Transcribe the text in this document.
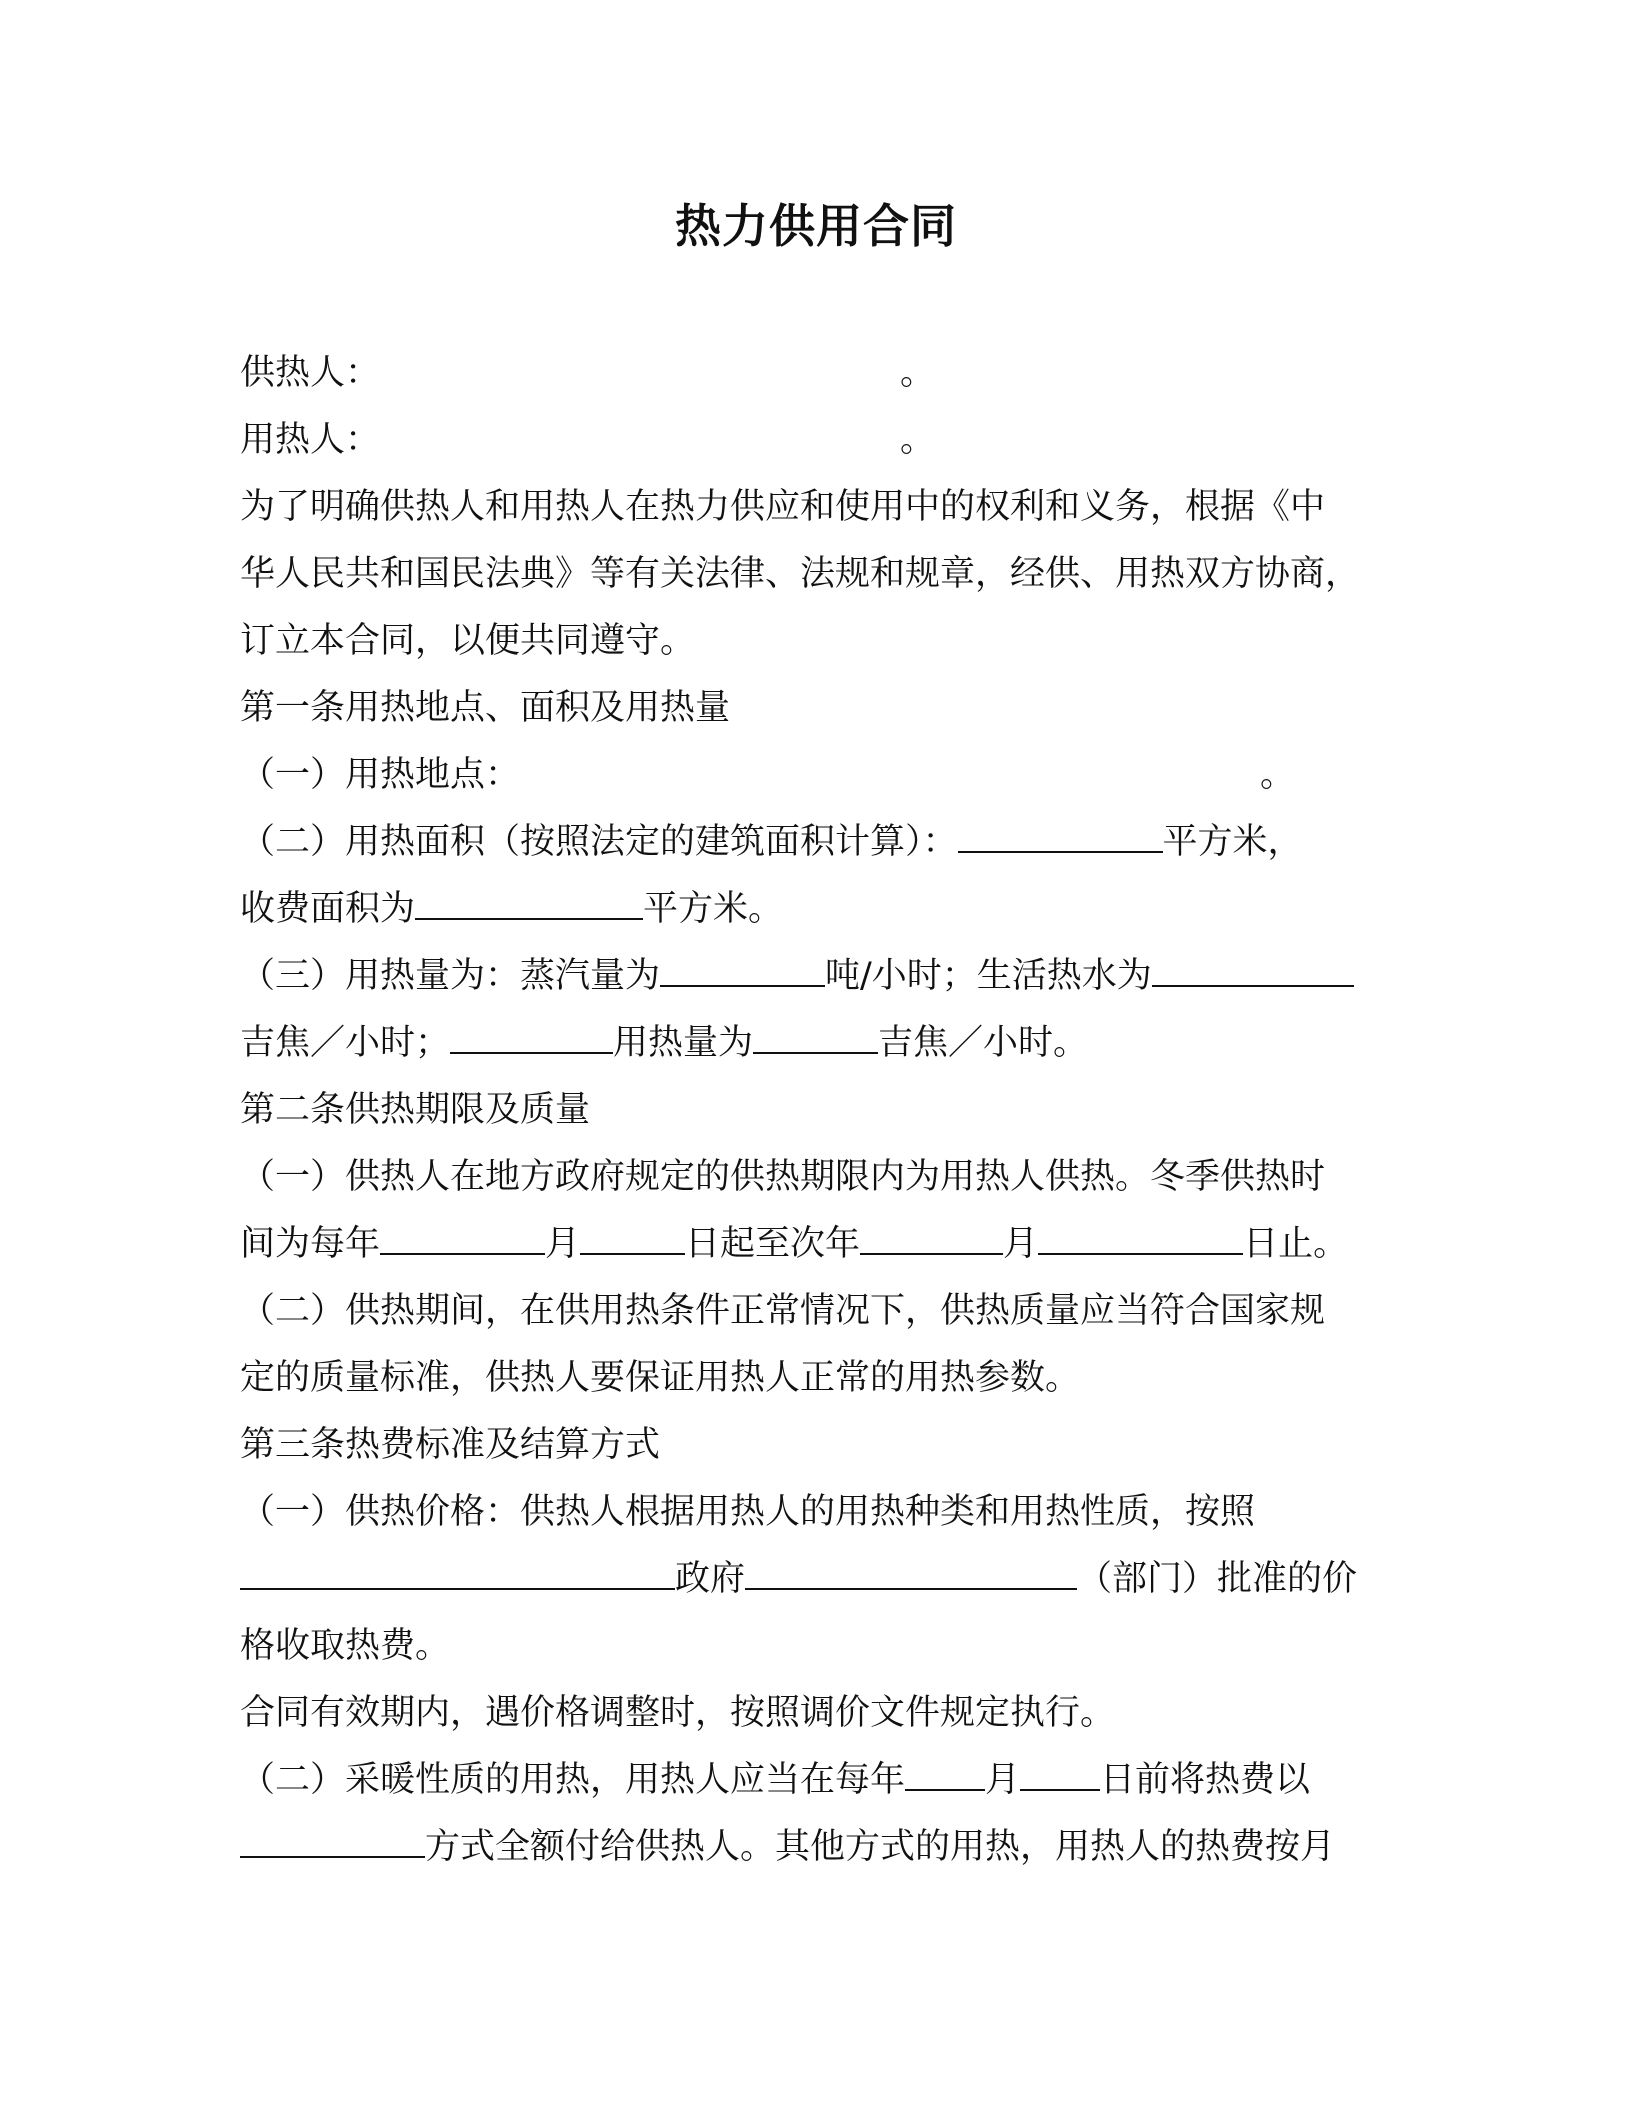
热力供用合同
供热人：	。
用热人：	。
为了明确供热人和用热人在热力供应和使用中的权利和义务，根据《中
华人民共和国民法典》等有关法律、法规和规章，经供、用热双方协商，
订立本合同，以便共同遵守。
第一条用热地点、面积及用热量
（一）用热地点：	。
（二）用热面积（按照法定的建筑面积计算）：	平方米，
收费面积为	平方米。
（三）用热量为：蒸汽量为	吨/小时；生活热水为
吉焦／小时；	用热量为	吉焦／小时。
第二条供热期限及质量
（一）供热人在地方政府规定的供热期限内为用热人供热。冬季供热时
间为每年	月	日起至次年	月	日止。
（二）供热期间，在供用热条件正常情况下，供热质量应当符合国家规
定的质量标准，供热人要保证用热人正常的用热参数。
第三条热费标准及结算方式
（一）供热价格：供热人根据用热人的用热种类和用热性质，按照
政府	（部门）批准的价
格收取热费。
合同有效期内，遇价格调整时，按照调价文件规定执行。
（二）采暖性质的用热，用热人应当在每年 月 日前将热费以
方式全额付给供热人。其他方式的用热，用热人的热费按月
